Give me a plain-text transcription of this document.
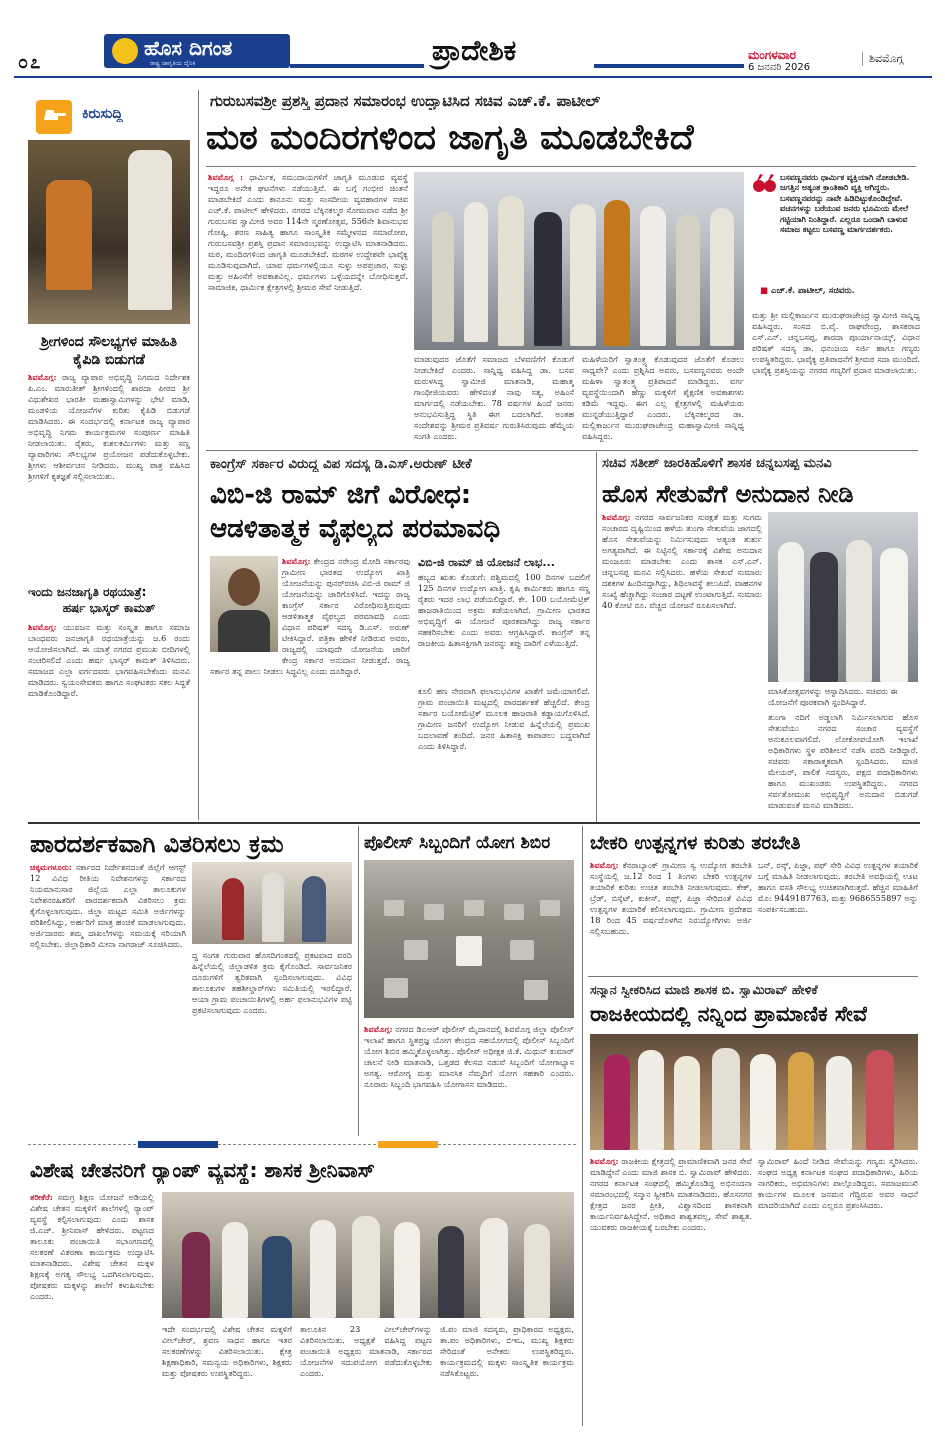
೦೭
ಹೊಸ ದಿಗಂತ
ರಾಷ್ಟ್ರ ಜಾಗೃತಿಯ ದೈನಿಕ	ಪ್ರಾದೇಶಿಕ	ಮಂಗಳವಾರ
6 ಜನವರಿ 2026
ಶಿವಮೊಗ್ಗ
ಕಿರುಸುದ್ದಿ
ಶ್ರೀಗಳಿಂದ ಸೌಲಭ್ಯಗಳ ಮಾಹಿತಿ ಕೈಪಿಡಿ ಬಿಡುಗಡೆ
ಶಿವಮೊಗ್ಗ: ರಾಜ್ಯ ವ್ಯಾಪಾರ ಅಭಿವೃದ್ಧಿ ನಿಗಮದ ನಿರ್ದೇಶಕ ಪಿ.ಎಂ. ಮಾರುತೀಶ್ ಶ್ರೀಗಳಿಂದಲ್ಲಿ ಶಾರದಾ ಪೀಠದ ಶ್ರೀ ವಿಧುಶೇಖರ ಭಾರತೀ ಮಹಾಸ್ವಾಮಿಗಳನ್ನು ಭೇಟಿ ಮಾಡಿ, ಮಂಡಳಿಯ ಯೋಜನೆಗಳ ಕುರಿತು ಕೈಪಿಡಿ ಬಿಡುಗಡೆ ಮಾಡಿಸಿದರು. ಈ ಸಂದರ್ಭದಲ್ಲಿ ಕರ್ನಾಟಕ ರಾಜ್ಯ ವ್ಯಾಪಾರ ಅಭಿವೃದ್ಧಿ ನಿಗಮ ಕಾರ್ಯಕ್ರಮಗಳ ಸಂಪೂರ್ಣ ಮಾಹಿತಿ ನೀಡಲಾಯಿತು. ರೈತರು, ಕುಶಲಕರ್ಮಿಗಳು ಮತ್ತು ಸಣ್ಣ ವ್ಯಾಪಾರಿಗಳು ಸೌಲಭ್ಯಗಳ ಪ್ರಯೋಜನ ಪಡೆದುಕೊಳ್ಳಬೇಕು. ಶ್ರೀಗಳು ಆಶೀರ್ವಚನ ನೀಡಿದರು. ಮುಖ್ಯ ಪಾತ್ರ ವಹಿಸಿದ ಶ್ರೀಗಳಿಗೆ ಕೃತಜ್ಞತೆ ಸಲ್ಲಿಸಲಾಯಿತು.
ಇಂದು ಜನಜಾಗೃತಿ ರಥಯಾತ್ರೆ:
ಹರ್ಷ ಭಾಸ್ಕರ್ ಕಾಮತ್
ಶಿವಮೊಗ್ಗ: ಯುವಜನ ಮತ್ತು ಸಂಸ್ಕೃತ ಹಾಗೂ ಸಮಾಜ ಬಾಂಧವರು ಜನಜಾಗೃತಿ ರಥಯಾತ್ರೆಯನ್ನು ಜ.6 ರಂದು ಆಯೋಜಿಸಲಾಗಿದೆ. ಈ ಯಾತ್ರೆ ನಗರದ ಪ್ರಮುಖ ಬೀದಿಗಳಲ್ಲಿ ಸಂಚರಿಸಲಿದೆ ಎಂದು ಹರ್ಷ ಭಾಸ್ಕರ್ ಕಾಮತ್ ತಿಳಿಸಿದರು. ಸಮಾಜದ ಎಲ್ಲಾ ವರ್ಗದವರು ಭಾಗವಹಿಸಬೇಕೆಂದು ಮನವಿ ಮಾಡಿದರು. ಸ್ವಯಂಸೇವಕರು ಹಾಗೂ ಸಂಘಟಕರು ಸಕಲ ಸಿದ್ಧತೆ ಮಾಡಿಕೊಂಡಿದ್ದಾರೆ.
ಗುರುಬಸವಶ್ರೀ ಪ್ರಶಸ್ತಿ ಪ್ರದಾನ ಸಮಾರಂಭ ಉದ್ಘಾಟಿಸಿದ ಸಚಿವ ಎಚ್.ಕೆ. ಪಾಟೀಲ್
ಮಠ ಮಂದಿರಗಳಿಂದ ಜಾಗೃತಿ ಮೂಡಬೇಕಿದೆ
ಶಿವಮೊಗ್ಗ : ಧಾರ್ಮಿಕ, ಸಮುದಾಯಗಳಿಗೆ ಜಾಗೃತಿ ಮೂಡುವ ವ್ಯವಸ್ಥೆ ಇದ್ದರೂ ಅನೇಕ ಘಟನೆಗಳು ನಡೆಯುತ್ತಿವೆ. ಈ ಬಗ್ಗೆ ಗಂಭೀರ ಚಿಂತನೆ ಮಾಡಬೇಕಿದೆ ಎಂದು ಕಾನೂನು ಮತ್ತು ಸಂಸದೀಯ ವ್ಯವಹಾರಗಳ ಸಚಿವ ಎಚ್.ಕೆ. ಪಾಟೀಲ್ ಹೇಳಿದರು. ನಗರದ ಬೆಕ್ಕಿನಕಲ್ಮಠ ಸೋಮವಾರ ನಡೆದ ಶ್ರೀ ಗುರುಬಸವ ಸ್ವಾಮೀಜಿ ಅವರ 114ನೇ ಸ್ಮರಣೋತ್ಸವ, 556ನೇ ಶಿವಾನುಭವ ಗೋಷ್ಠಿ, ಶರಣ ಸಾಹಿತ್ಯ ಹಾಗೂ ಸಾಂಸ್ಕೃತಿಕ ಸಮ್ಮೇಳನದ ಸಮಾರೋಪ, ಗುರುಬಸವಶ್ರೀ ಪ್ರಶಸ್ತಿ ಪ್ರದಾನ ಸಮಾರಂಭವನ್ನು ಉದ್ಘಾಟಿಸಿ ಮಾತನಾಡಿದರು. ಮಠ, ಮಂದಿರಗಳಿಂದ ಜಾಗೃತಿ ಮೂಡಬೇಕಿದೆ. ಮಠಗಳ ಉದ್ದೇಶವೇ ಭಾವೈಕ್ಯ ಮೂಡಿಸುವುದಾಗಿದೆ. ಯಾವ ಧರ್ಮಗಳಲ್ಲಿಯೂ ಸುಳ್ಳು ಅಪಪ್ರಚಾರ, ಸುಳ್ಳು ಮತ್ತು ಅಹಿಂಸೆಗೆ ಅವಕಾಶವಿಲ್ಲ. ಧರ್ಮಗಳು ಒಳ್ಳೆಯದನ್ನೇ ಬೋಧಿಸುತ್ತವೆ. ಸಾಮಾಜಿಕ, ಧಾರ್ಮಿಕ ಕ್ಷೇತ್ರಗಳಲ್ಲಿ ಶ್ರೀಮಠ ಸೇವೆ ನೀಡುತ್ತಿದೆ.
ಮಾಡುವುದರ ಜೊತೆಗೆ ಸಮಾಜದ ಬೆಳವಣಿಗೆಗೆ ಕೊಡುಗೆ ನೀಡಬೇಕಿದೆ ಎಂದರು. ಸಾನ್ನಿಧ್ಯ ವಹಿಸಿದ್ದ ಡಾ. ಬಸವ ಮರುಳಸಿದ್ಧ ಸ್ವಾಮೀಜಿ ಮಾತನಾಡಿ, ಮಹಾತ್ಮ ಗಾಂಧೀಜಿಯವರು ಹೇಳಿದಂತೆ ನಾವು ಸತ್ಯ, ಅಹಿಂಸೆ ಮಾರ್ಗದಲ್ಲಿ ನಡೆಯಬೇಕು. 78 ವರ್ಷಗಳ ಹಿಂದೆ ಜನರು ಅನುಭವಿಸುತ್ತಿದ್ದ ಸ್ಥಿತಿ ಈಗ ಬದಲಾಗಿದೆ. ಅಂತಹ ಸಂದೇಶವನ್ನು ಶ್ರೀಮಠ ಪ್ರತಿವರ್ಷ ಗುರುತಿಸಿರುವುದು ಹೆಮ್ಮೆಯ ಸಂಗತಿ ಎಂದರು.
ಮಹಿಳೆಯರಿಗೆ ಸ್ವಾತಂತ್ರ್ಯ ಕೊಡುವುದರ ಜೊತೆಗೆ ಕೊಡಲು ಸಾಧ್ಯವೇ? ಎಂದು ಪ್ರಶ್ನಿಸಿದ ಅವರು, ಬಸವಣ್ಣನವರು ಅಂದೇ ಮಹಿಳಾ ಸ್ವಾತಂತ್ರ್ಯ ಪ್ರತಿಪಾದನೆ ಮಾಡಿದ್ದರು. ವರ್ಗ ವ್ಯವಸ್ಥೆಯಿಂದಾಗಿ ಹೆಣ್ಣು ಮಕ್ಕಳಿಗೆ ಶೈಕ್ಷಣಿಕ ಅವಕಾಶಗಳು ಕಡಿಮೆ ಇದ್ದವು. ಈಗ ಎಲ್ಲ ಕ್ಷೇತ್ರಗಳಲ್ಲಿ ಮಹಿಳೆಯರು ಮುನ್ನಡೆಯುತ್ತಿದ್ದಾರೆ ಎಂದರು. ಬೆಕ್ಕಿನಕಲ್ಮಠದ ಡಾ. ಮಲ್ಲಿಕಾರ್ಜುನ ಮುರುಘರಾಜೇಂದ್ರ ಮಹಾಸ್ವಾಮೀಜಿ ಸಾನ್ನಿಧ್ಯ ವಹಿಸಿದ್ದರು.
ಬಸವಣ್ಣನವರು ಧಾರ್ಮಿಕ ವ್ಯಕ್ತಿಯಾಗಿ ನೋಡಬೇಡಿ. ಜಗತ್ತಿನ ಅತ್ಯಂತ ಕ್ರಾಂತಿಕಾರಿ ವ್ಯಕ್ತಿ ಆಗಿದ್ದರು. ಬಸವಣ್ಣನವರನ್ನು ನಾವೇ ಹಿಡಿದಿಟ್ಟುಕೊಂಡಿದ್ದೇವೆ. ವಚನಗಳನ್ನು ಬರೆಯುವ ಜನರು ಭೂಮಿಯ ಮೇಲೆ ಗಟ್ಟಿಯಾಗಿ ನಿಂತಿದ್ದಾರೆ. ಎಲ್ಲರೂ ಒಂದಾಗಿ ಬಾಳುವ ಸಮಾಜ ಕಟ್ಟಲು ಬಸವಣ್ಣ ಮಾರ್ಗದರ್ಶಕರು.
■ ಎಚ್.ಕೆ. ಪಾಟೀಲ್, ಸಚಿವರು.
ಮತ್ತು ಶ್ರೀ ಮಲ್ಲಿಕಾರ್ಜುನ ಮುರುಘರಾಜೇಂದ್ರ ಸ್ವಾಮೀಜಿ ಸಾನ್ನಿಧ್ಯ ವಹಿಸಿದ್ದರು. ಸಂಸದ ಬಿ.ವೈ. ರಾಘವೇಂದ್ರ, ಶಾಸಕರಾದ ಎಸ್.ಎನ್. ಚನ್ನಬಸಪ್ಪ, ಶಾರದಾ ಪೂರ್ಯಾನಾಯ್ಕ್, ವಿಧಾನ ಪರಿಷತ್ ಸದಸ್ಯ ಡಾ. ಧನಂಜಯ ಸರ್ಜಿ ಹಾಗೂ ಗಣ್ಯರು ಉಪಸ್ಥಿತರಿದ್ದರು. ಭಾವೈಕ್ಯ ಪ್ರತಿಪಾದನೆಗೆ ಶ್ರೀಮಠ ಸದಾ ಮುಂದಿದೆ. ಭಾವೈಕ್ಯ ಪ್ರಶಸ್ತಿಯನ್ನು ನಗರದ ಗಣ್ಯರಿಗೆ ಪ್ರದಾನ ಮಾಡಲಾಯಿತು.
ಕಾಂಗ್ರೆಸ್ ಸರ್ಕಾರ ವಿರುದ್ಧ ವಿಪ ಸದಸ್ಯ ಡಿ.ಎಸ್.ಅರುಣ್ ಟೀಕೆ
ವಿಬಿ-ಜಿ ರಾಮ್ ಜಿಗೆ ವಿರೋಧ:
ಆಡಳಿತಾತ್ಮಕ ವೈಫಲ್ಯದ ಪರಮಾವಧಿ
ಶಿವಮೊಗ್ಗ: ಕೇಂದ್ರದ ನರೇಂದ್ರ ಮೋದಿ ಸರ್ಕಾರವು ಗ್ರಾಮೀಣ ಭಾರತದ ಉದ್ಯೋಗ ಖಾತ್ರಿ ಯೋಜನೆಯನ್ನು ಪುನರ್‌ರಚಿಸಿ ವಿಬಿ-ಜಿ ರಾಮ್ ಜಿ ಯೋಜನೆಯನ್ನು ಜಾರಿಗೊಳಿಸಿದೆ. ಇದನ್ನು ರಾಜ್ಯ ಕಾಂಗ್ರೆಸ್ ಸರ್ಕಾರ ವಿರೋಧಿಸುತ್ತಿರುವುದು ಆಡಳಿತಾತ್ಮಕ ವೈಫಲ್ಯದ ಪರಮಾವಧಿ ಎಂದು ವಿಧಾನ ಪರಿಷತ್ ಸದಸ್ಯ ಡಿ.ಎಸ್. ಅರುಣ್ ಟೀಕಿಸಿದ್ದಾರೆ. ಪತ್ರಿಕಾ ಹೇಳಿಕೆ ನೀಡಿರುವ ಅವರು, ರಾಜ್ಯದಲ್ಲಿ ಯಾವುದೇ ಯೋಜನೆಯ ಜಾರಿಗೆ ಕೇಂದ್ರ ಸರ್ಕಾರ ಅನುದಾನ ನೀಡುತ್ತದೆ. ರಾಜ್ಯ ಸರ್ಕಾರ ತನ್ನ ಪಾಲು ನೀಡಲು ಸಿದ್ಧವಿಲ್ಲ ಎಂದು ದೂರಿದ್ದಾರೆ.
ವಿಬಿ-ಜಿ ರಾಮ್ ಜಿ ಯೋಜನೆ ಲಾಭ...
ಹಬ್ಬದ ಋತು ಕೊಡುಗೆ: ಪಶ್ಚಿಮದಲ್ಲಿ 100 ದಿನಗಳ ಬದಲಿಗೆ 125 ದಿನಗಳ ಉದ್ಯೋಗ ಖಾತ್ರಿ. ಕೃಷಿ ಕಾರ್ಮಿಕರು ಹಾಗೂ ಸಣ್ಣ ರೈತರು ಇದರ ಲಾಭ ಪಡೆಯಲಿದ್ದಾರೆ. ಕೇ. 100 ಬಯೋಮೆಟ್ರಿಕ್ ಹಾಜರಾತಿಯಿಂದ ಅಕ್ರಮ ತಡೆಯಲಾಗಿದೆ. ಗ್ರಾಮೀಣ ಭಾರತದ ಅಭಿವೃದ್ಧಿಗೆ ಈ ಯೋಜನೆ ಪೂರಕವಾಗಿದ್ದು ರಾಜ್ಯ ಸರ್ಕಾರ ಸಹಕರಿಸಬೇಕು ಎಂದು ಅವರು ಆಗ್ರಹಿಸಿದ್ದಾರೆ. ಕಾಂಗ್ರೆಸ್ ತನ್ನ ರಾಜಕೀಯ ಹಿತಾಸಕ್ತಿಗಾಗಿ ಜನರನ್ನು ತಪ್ಪು ದಾರಿಗೆ ಎಳೆಯುತ್ತಿದೆ.
ಕೂಲಿ ಹಣ ನೇರವಾಗಿ ಫಲಾನುಭವಿಗಳ ಖಾತೆಗೆ ಜಮೆಯಾಗಲಿದೆ. ಗ್ರಾಮ ಪಂಚಾಯಿತಿ ಮಟ್ಟದಲ್ಲಿ ಪಾರದರ್ಶಕತೆ ಹೆಚ್ಚಲಿದೆ. ಕೇಂದ್ರ ಸರ್ಕಾರ ಬಯೋಮೆಟ್ರಿಕ್ ಮೂಲಕ ಹಾಜರಾತಿ ಕಡ್ಡಾಯಗೊಳಿಸಿದೆ. ಗ್ರಾಮೀಣ ಜನರಿಗೆ ಉದ್ಯೋಗ ನೀಡುವ ಹಿನ್ನೆಲೆಯಲ್ಲಿ ಪ್ರಮುಖ ಬದಲಾವಣೆ ತಂದಿದೆ. ಜನರ ಹಿತಾಸಕ್ತಿ ಕಾಪಾಡಲು ಬದ್ಧವಾಗಿದೆ ಎಂದು ತಿಳಿಸಿದ್ದಾರೆ.
ಸಚಿವ ಸತೀಶ್ ಜಾರಕಿಹೊಳಿಗೆ ಶಾಸಕ ಚನ್ನಬಸಪ್ಪ ಮನವಿ
ಹೊಸ ಸೇತುವೆಗೆ ಅನುದಾನ ನೀಡಿ
ಶಿವಮೊಗ್ಗ: ನಗರದ ಸಾರ್ವಜನಿಕರ ಸುರಕ್ಷತೆ ಮತ್ತು ಸುಗಮ ಸಂಚಾರದ ದೃಷ್ಟಿಯಿಂದ ಹಳೆಯ ತುಂಗಾ ಸೇತುವೆಯ ಜಾಗದಲ್ಲಿ ಹೊಸ ಸೇತುವೆಯನ್ನು ನಿರ್ಮಿಸುವುದು ಅತ್ಯಂತ ತುರ್ತು ಅಗತ್ಯವಾಗಿದೆ. ಈ ನಿಟ್ಟಿನಲ್ಲಿ ಸರ್ಕಾರಕ್ಕೆ ವಿಶೇಷ ಅನುದಾನ ಮಂಜೂರು ಮಾಡಬೇಕು ಎಂದು ಶಾಸಕ ಎಸ್.ಎನ್. ಚನ್ನಬಸಪ್ಪ ಮನವಿ ಸಲ್ಲಿಸಿದರು. ಹಳೆಯ ಸೇತುವೆ ಸುಮಾರು ದಶಕಗಳ ಹಿಂದಿನದ್ದಾಗಿದ್ದು, ಶಿಥಿಲಾವಸ್ಥೆ ತಲುಪಿದೆ. ವಾಹನಗಳ ಸಂಖ್ಯೆ ಹೆಚ್ಚಾಗಿದ್ದು ಸಂಚಾರ ದಟ್ಟಣೆ ಉಂಟಾಗುತ್ತಿದೆ. ಸುಮಾರು 40 ಕೋಟಿ ರೂ. ವೆಚ್ಚದ ಯೋಜನೆ ರೂಪಿಸಲಾಗಿದೆ.
ಮಾಸಿಕೋತ್ಸವಗಳನ್ನು ಆಸ್ವಾದಿಸಿದರು. ಸಚಿವರು ಈ ಯೋಜನೆಗೆ ಪೂರಕವಾಗಿ ಸ್ಪಂದಿಸಿದ್ದಾರೆ.
ತುಂಗಾ ನದಿಗೆ ಅಡ್ಡಲಾಗಿ ನಿರ್ಮಿಸಲಾಗುವ ಹೊಸ ಸೇತುವೆಯು ನಗರದ ಸಂಚಾರ ವ್ಯವಸ್ಥೆಗೆ ಅನುಕೂಲವಾಗಲಿದೆ. ಲೋಕೋಪಯೋಗಿ ಇಲಾಖೆ ಅಧಿಕಾರಿಗಳು ಸ್ಥಳ ಪರಿಶೀಲನೆ ನಡೆಸಿ ವರದಿ ನೀಡಿದ್ದಾರೆ. ಸಚಿವರು ಸಕಾರಾತ್ಮಕವಾಗಿ ಸ್ಪಂದಿಸಿದರು. ಮಾಜಿ ಮೇಯರ್, ಪಾಲಿಕೆ ಸದಸ್ಯರು, ಪಕ್ಷದ ಪದಾಧಿಕಾರಿಗಳು ಹಾಗೂ ಮುಖಂಡರು ಉಪಸ್ಥಿತರಿದ್ದರು. ನಗರದ ಸರ್ವತೋಮುಖ ಅಭಿವೃದ್ಧಿಗೆ ಅನುದಾನ ಬಿಡುಗಡೆ ಮಾಡುವಂತೆ ಮನವಿ ಮಾಡಿದರು.
ಪಾರದರ್ಶಕವಾಗಿ ವಿತರಿಸಲು ಕ್ರಮ
ಚಿಕ್ಕಮಗಳೂರು: ಸರ್ಕಾರದ ನಿರ್ದೇಶನದಂತೆ ಜಿಲ್ಲೆಗೆ ಆಗಸ್ಟ್ 12 ವಿವಿಧ ರೀತಿಯ ನಿವೇಶನಗಳನ್ನು ಸರ್ಕಾರದ ನಿಯಮಾನುಸಾರ ಜಿಲ್ಲೆಯ ಎಲ್ಲಾ ತಾಲೂಕುಗಳ ನಿವೇಶನರಹಿತರಿಗೆ ಪಾರದರ್ಶಕವಾಗಿ ವಿತರಿಸಲು ಕ್ರಮ ಕೈಗೊಳ್ಳಲಾಗುವುದು. ಜಿಲ್ಲಾ ಮಟ್ಟದ ಸಮಿತಿ ಅರ್ಜಿಗಳನ್ನು ಪರಿಶೀಲಿಸಿದ್ದು, ಅರ್ಹರಿಗೆ ಮಾತ್ರ ಹಂಚಿಕೆ ಮಾಡಲಾಗುವುದು. ಅರ್ಜಿದಾರರು ತಮ್ಮ ದಾಖಲೆಗಳನ್ನು ಸಮಯಕ್ಕೆ ಸರಿಯಾಗಿ ಸಲ್ಲಿಸಬೇಕು. ಜಿಲ್ಲಾಧಿಕಾರಿ ಮೀನಾ ನಾಗರಾಜ್ ಸೂಚಿಸಿದರು.
ದ್ದ ಸಂಗತ ಗುರುವಾರ ಹೊಸದಿಗಂತದಲ್ಲಿ ಪ್ರಕಟವಾದ ವರದಿ ಹಿನ್ನೆಲೆಯಲ್ಲಿ ಜಿಲ್ಲಾಡಳಿತ ಕ್ರಮ ಕೈಗೊಂಡಿದೆ. ಸಾರ್ವಜನಿಕರ ದೂರುಗಳಿಗೆ ತ್ವರಿತವಾಗಿ ಸ್ಪಂದಿಸಲಾಗುವುದು. ವಿವಿಧ ತಾಲೂಕುಗಳ ತಹಶೀಲ್ದಾರ್‌ಗಳು ಸಮಿತಿಯಲ್ಲಿ ಇರಲಿದ್ದಾರೆ. ಆಯಾ ಗ್ರಾಮ ಪಂಚಾಯಿತಿಗಳಲ್ಲಿ ಅರ್ಹ ಫಲಾನುಭವಿಗಳ ಪಟ್ಟಿ ಪ್ರಕಟಿಸಲಾಗುವುದು ಎಂದರು.
ಪೊಲೀಸ್ ಸಿಬ್ಬಂದಿಗೆ ಯೋಗ ಶಿಬಿರ
ಶಿವಮೊಗ್ಗ: ನಗರದ ಡಿಎಆರ್ ಪೊಲೀಸ್ ಮೈದಾನದಲ್ಲಿ ಶಿವಮೊಗ್ಗ ಜಿಲ್ಲಾ ಪೊಲೀಸ್ ಇಲಾಖೆ ಹಾಗೂ ಸ್ಥಿತಪ್ರಜ್ಞ ಯೋಗ ಕೇಂದ್ರದ ಸಹಯೋಗದಲ್ಲಿ ಪೊಲೀಸ್ ಸಿಬ್ಬಂದಿಗೆ ಯೋಗ ಶಿಬಿರ ಹಮ್ಮಿಕೊಳ್ಳಲಾಗಿತ್ತು. ಪೊಲೀಸ್ ಅಧೀಕ್ಷಕ ಜಿ.ಕೆ. ಮಿಥುನ್ ಕುಮಾರ್ ಚಾಲನೆ ನೀಡಿ ಮಾತನಾಡಿ, ಒತ್ತಡದ ಕೆಲಸದ ನಡುವೆ ಸಿಬ್ಬಂದಿಗೆ ಯೋಗಾಭ್ಯಾಸ ಅಗತ್ಯ. ಆರೋಗ್ಯ ಮತ್ತು ಮಾನಸಿಕ ನೆಮ್ಮದಿಗೆ ಯೋಗ ಸಹಕಾರಿ ಎಂದರು. ನೂರಾರು ಸಿಬ್ಬಂದಿ ಭಾಗವಹಿಸಿ ಯೋಗಾಸನ ಮಾಡಿದರು.
ಬೇಕರಿ ಉತ್ಪನ್ನಗಳ ಕುರಿತು ತರಬೇತಿ
ಶಿವಮೊಗ್ಗ: ಕೆನರಾಬ್ಯಾಂಕ್ ಗ್ರಾಮೀಣ ಸ್ವ ಉದ್ಯೋಗ ತರಬೇತಿ ಸಂಸ್ಥೆಯಲ್ಲಿ ಜ.12 ರಿಂದ 1 ತಿಂಗಳು ಬೇಕರಿ ಉತ್ಪನ್ನಗಳ ತಯಾರಿಕೆ ಕುರಿತು ಉಚಿತ ತರಬೇತಿ ನೀಡಲಾಗುವುದು. ಕೇಕ್, ಬ್ರೆಡ್, ಬಿಸ್ಕೆಟ್, ಕುಕೀಸ್, ಪಫ್ಸ್, ಪಿಜ್ಜಾ ಸೇರಿದಂತೆ ವಿವಿಧ ಉತ್ಪನ್ನಗಳ ತಯಾರಿಕೆ ಕಲಿಸಲಾಗುವುದು. ಗ್ರಾಮೀಣ ಪ್ರದೇಶದ 18 ರಿಂದ 45 ವರ್ಷದೊಳಗಿನ ನಿರುದ್ಯೋಗಿಗಳು ಅರ್ಜಿ ಸಲ್ಲಿಸಬಹುದು.
ಬನ್, ರಸ್ಕ್, ಪಿಜ್ಜಾ, ಪಫ್ ಸೇರಿ ವಿವಿಧ ಉತ್ಪನ್ನಗಳ ತಯಾರಿಕೆ ಬಗ್ಗೆ ಮಾಹಿತಿ ನೀಡಲಾಗುವುದು. ತರಬೇತಿ ಅವಧಿಯಲ್ಲಿ ಊಟ ಹಾಗೂ ವಸತಿ ಸೌಲಭ್ಯ ಉಚಿತವಾಗಿರುತ್ತದೆ. ಹೆಚ್ಚಿನ ಮಾಹಿತಿಗೆ ಮೊ: 9449187763, ಮತ್ತು 9686555897 ಅನ್ನು ಸಂಪರ್ಕಿಸಬಹುದು.
ಸನ್ಮಾನ ಸ್ವೀಕರಿಸಿದ ಮಾಜಿ ಶಾಸಕ ಬಿ. ಸ್ವಾಮಿರಾವ್ ಹೇಳಿಕೆ
ರಾಜಕೀಯದಲ್ಲಿ ನನ್ನಿಂದ ಪ್ರಾಮಾಣಿಕ ಸೇವೆ
ಶಿವಮೊಗ್ಗ: ರಾಜಕೀಯ ಕ್ಷೇತ್ರದಲ್ಲಿ ಪ್ರಾಮಾಣಿಕವಾಗಿ ಜನರ ಸೇವೆ ಮಾಡಿದ್ದೇನೆ ಎಂದು ಮಾಜಿ ಶಾಸಕ ಬಿ. ಸ್ವಾಮಿರಾವ್ ಹೇಳಿದರು. ನಗರದ ಕರ್ನಾಟಕ ಸಂಘದಲ್ಲಿ ಹಮ್ಮಿಕೊಂಡಿದ್ದ ಅಭಿನಂದನಾ ಸಮಾರಂಭದಲ್ಲಿ ಸನ್ಮಾನ ಸ್ವೀಕರಿಸಿ ಮಾತನಾಡಿದರು. ಹೊಸನಗರ ಕ್ಷೇತ್ರದ ಜನರ ಪ್ರೀತಿ, ವಿಶ್ವಾಸದಿಂದ ಶಾಸಕನಾಗಿ ಕಾರ್ಯನಿರ್ವಹಿಸಿದ್ದೇನೆ. ಅಧಿಕಾರ ಶಾಶ್ವತವಲ್ಲ, ಸೇವೆ ಶಾಶ್ವತ. ಯುವಕರು ರಾಜಕೀಯಕ್ಕೆ ಬರಬೇಕು ಎಂದರು.
ಸ್ವಾಮಿರಾವ್ ಹಿಂದೆ ನೀಡಿದ ಸೇವೆಯನ್ನು ಗಣ್ಯರು ಸ್ಮರಿಸಿದರು. ಸಂಘದ ಅಧ್ಯಕ್ಷ ಕರ್ನಾಟಕ ಸಂಘದ ಪದಾಧಿಕಾರಿಗಳು, ಹಿರಿಯ ನಾಗರಿಕರು, ಅಭಿಮಾನಿಗಳು ಪಾಲ್ಗೊಂಡಿದ್ದರು. ಸಮಾಜಮುಖಿ ಕಾರ್ಯಗಳ ಮೂಲಕ ಜನಮನ ಗೆದ್ದಿರುವ ಅವರ ಸಾಧನೆ ಮಾದರಿಯಾಗಿದೆ ಎಂದು ಎಲ್ಲರೂ ಪ್ರಶಂಸಿಸಿದರು.
ವಿಶೇಷ ಚೇತನರಿಗೆ ರ್‍ಯಾಂಪ್ ವ್ಯವಸ್ಥೆ: ಶಾಸಕ ಶ್ರೀನಿವಾಸ್
ತರೀಕೆರೆ: ಸಮಗ್ರ ಶಿಕ್ಷಣ ಯೋಜನೆ ಅಡಿಯಲ್ಲಿ ವಿಶೇಷ ಚೇತನ ಮಕ್ಕಳಿಗೆ ಶಾಲೆಗಳಲ್ಲಿ ರ್‍ಯಾಂಪ್ ವ್ಯವಸ್ಥೆ ಕಲ್ಪಿಸಲಾಗುವುದು ಎಂದು ಶಾಸಕ ಜಿ.ಎಚ್. ಶ್ರೀನಿವಾಸ್ ಹೇಳಿದರು. ಪಟ್ಟಣದ ತಾಲೂಕು ಪಂಚಾಯಿತಿ ಸಭಾಂಗಣದಲ್ಲಿ ಸಲಕರಣೆ ವಿತರಣಾ ಕಾರ್ಯಕ್ರಮ ಉದ್ಘಾಟಿಸಿ ಮಾತನಾಡಿದರು. ವಿಶೇಷ ಚೇತನ ಮಕ್ಕಳ ಶಿಕ್ಷಣಕ್ಕೆ ಅಗತ್ಯ ಸೌಲಭ್ಯ ಒದಗಿಸಲಾಗುವುದು. ಪೋಷಕರು ಮಕ್ಕಳನ್ನು ಶಾಲೆಗೆ ಕಳುಹಿಸಬೇಕು ಎಂದರು.
ಇದೇ ಸಂದರ್ಭದಲ್ಲಿ ವಿಶೇಷ ಚೇತನ ಮಕ್ಕಳಿಗೆ ವೀಲ್‌ಚೇರ್, ಶ್ರವಣ ಸಾಧನ ಹಾಗೂ ಇತರ ಸಲಕರಣೆಗಳನ್ನು ವಿತರಿಸಲಾಯಿತು. ಕ್ಷೇತ್ರ ಶಿಕ್ಷಣಾಧಿಕಾರಿ, ಸಮನ್ವಯ ಅಧಿಕಾರಿಗಳು, ಶಿಕ್ಷಕರು ಮತ್ತು ಪೋಷಕರು ಉಪಸ್ಥಿತರಿದ್ದರು.
ತಾಲೂಕಿನ 23 ವೀಲ್‌ಚೇರ್‌ಗಳನ್ನು ವಿತರಿಸಲಾಯಿತು. ಅಧ್ಯಕ್ಷತೆ ವಹಿಸಿದ್ದ ಪಟ್ಟಣ ಪಂಚಾಯಿತಿ ಅಧ್ಯಕ್ಷರು ಮಾತನಾಡಿ, ಸರ್ಕಾರದ ಯೋಜನೆಗಳ ಸದುಪಯೋಗ ಪಡೆದುಕೊಳ್ಳಬೇಕು ಎಂದರು.
ಜಿ.ಪಂ ಮಾಜಿ ಸದಸ್ಯರು, ಪ್ರಾಧಿಕಾರದ ಅಧ್ಯಕ್ಷರು, ತಾ.ಪಂ ಅಧಿಕಾರಿಗಳು, ಬಿಇಒ, ಮುಖ್ಯ ಶಿಕ್ಷಕರು ಸೇರಿದಂತೆ ಅನೇಕರು ಉಪಸ್ಥಿತರಿದ್ದರು. ಕಾರ್ಯಕ್ರಮದಲ್ಲಿ ಮಕ್ಕಳು ಸಾಂಸ್ಕೃತಿಕ ಕಾರ್ಯಕ್ರಮ ನಡೆಸಿಕೊಟ್ಟರು.
